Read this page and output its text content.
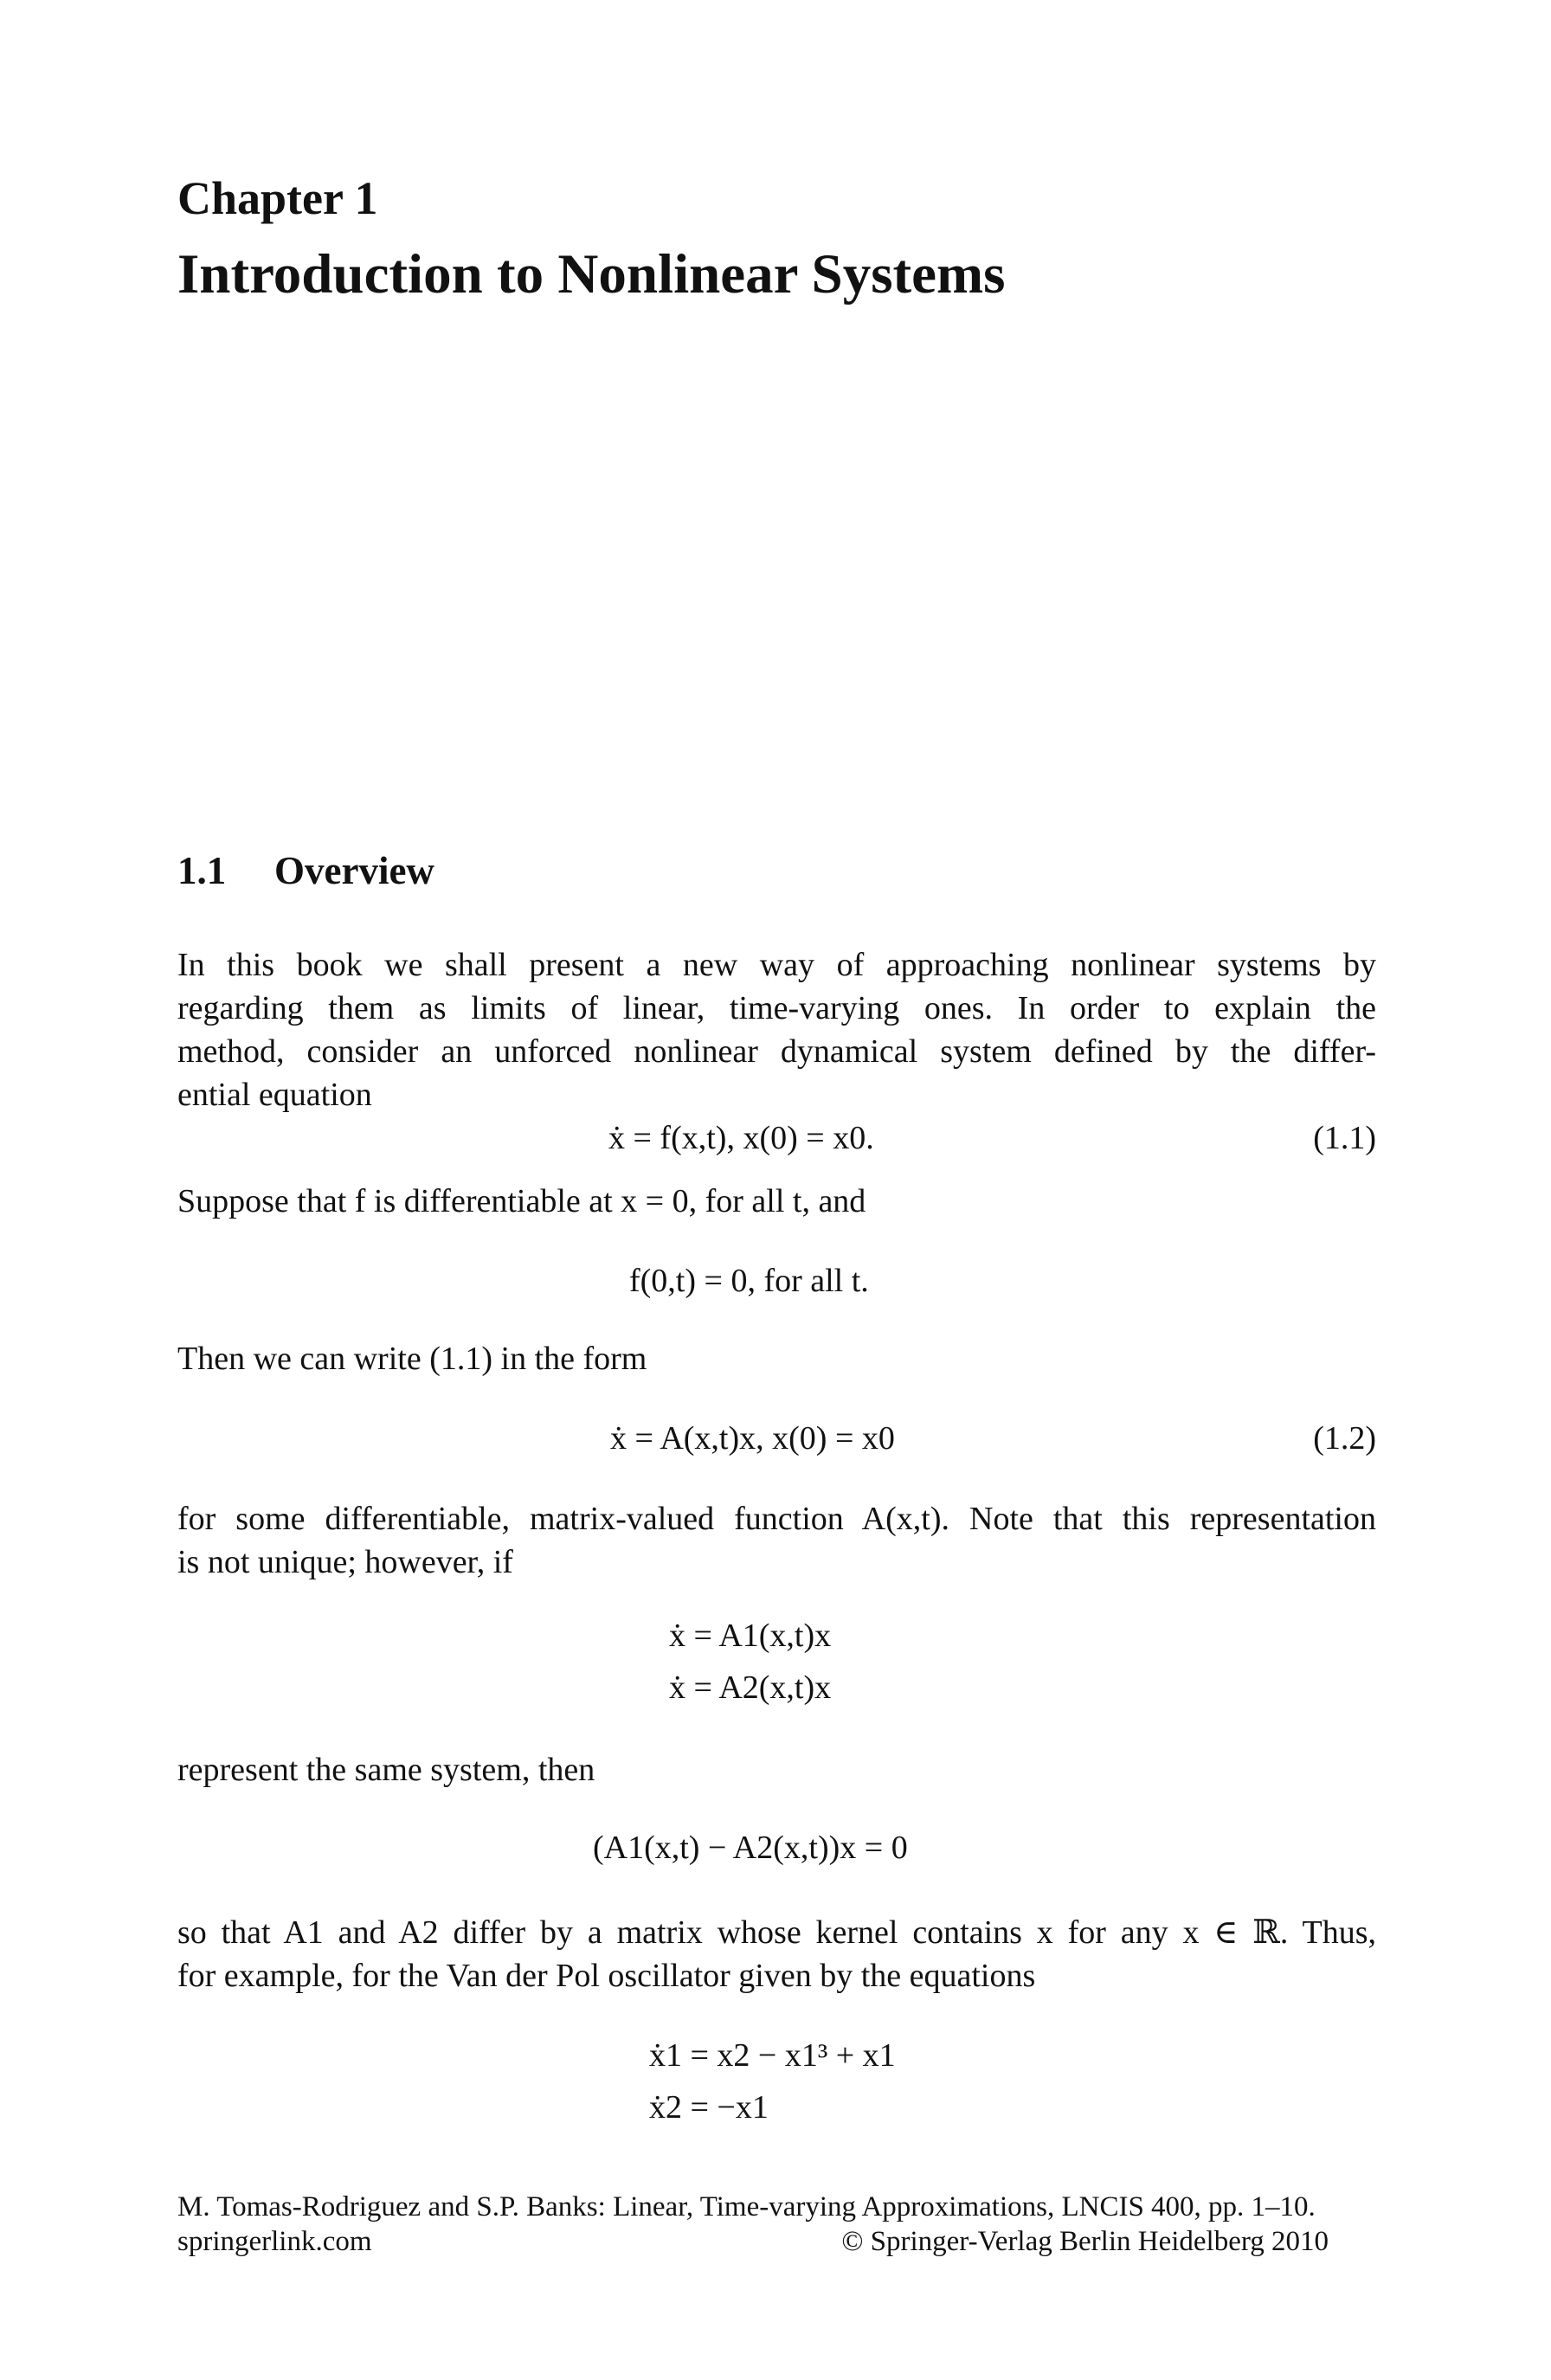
Chapter 1
Introduction to Nonlinear Systems
1.1 Overview
In this book we shall present a new way of approaching nonlinear systems by
regarding them as limits of linear, time-varying ones. In order to explain the
method, consider an unforced nonlinear dynamical system defined by the differ-
ential equation
ẋ = f(x,t), x(0) = x0.	(1.1)
Suppose that f is differentiable at x = 0, for all t, and
f(0,t) = 0, for all t.
Then we can write (1.1) in the form
ẋ = A(x,t)x, x(0) = x0	(1.2)
for some differentiable, matrix-valued function A(x,t). Note that this representation
is not unique; however, if
ẋ = A1(x,t)x
ẋ = A2(x,t)x
represent the same system, then
(A1(x,t) − A2(x,t))x = 0
so that A1 and A2 differ by a matrix whose kernel contains x for any x ∈ ℝ. Thus,
for example, for the Van der Pol oscillator given by the equations
ẋ1 = x2 − x1³ + x1
ẋ2 = −x1
M. Tomas-Rodriguez and S.P. Banks: Linear, Time-varying Approximations, LNCIS 400, pp. 1–10.
springerlink.com	© Springer-Verlag Berlin Heidelberg 2010
